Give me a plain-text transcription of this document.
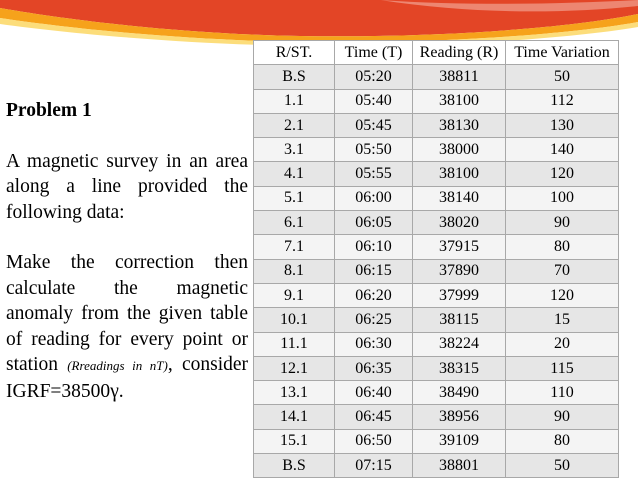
Problem 1
A magnetic survey in an area along a line provided the following data:
Make the correction then calculate the magnetic anomaly from the given table of reading for every point or station (Rreadings in nT), consider IGRF=38500γ.
R/ST.	Time (T)	Reading (R)	Time Variation
B.S	05:20	38811	50
1.1	05:40	38100	112
2.1	05:45	38130	130
3.1	05:50	38000	140
4.1	05:55	38100	120
5.1	06:00	38140	100
6.1	06:05	38020	90
7.1	06:10	37915	80
8.1	06:15	37890	70
9.1	06:20	37999	120
10.1	06:25	38115	15
11.1	06:30	38224	20
12.1	06:35	38315	115
13.1	06:40	38490	110
14.1	06:45	38956	90
15.1	06:50	39109	80
B.S	07:15	38801	50
